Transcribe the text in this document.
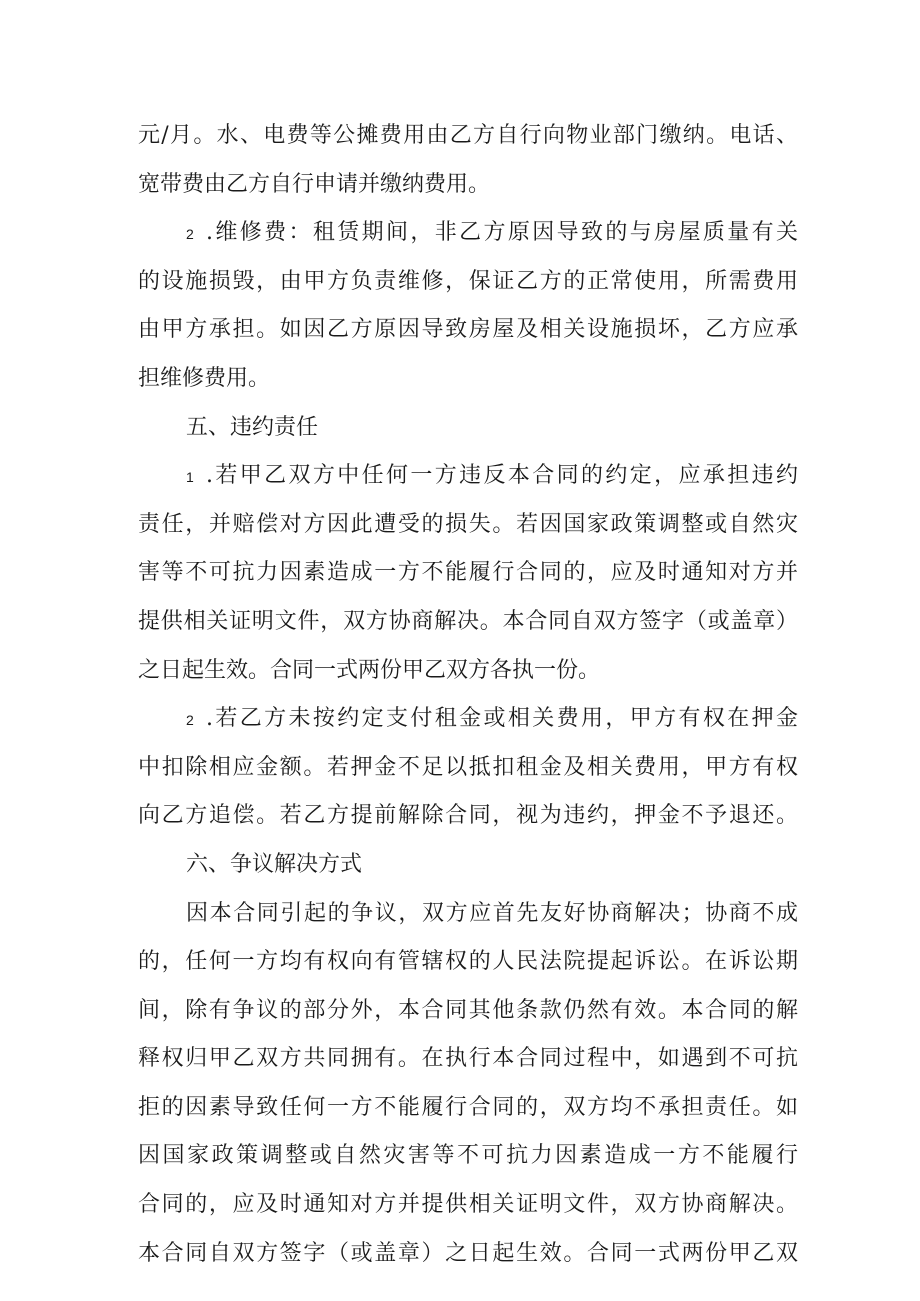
元/月。水、电费等公摊费用由乙方自行向物业部门缴纳。电话、
宽带费由乙方自行申请并缴纳费用。
2 .维修费：租赁期间，非乙方原因导致的与房屋质量有关
的设施损毁，由甲方负责维修，保证乙方的正常使用，所需费用
由甲方承担。如因乙方原因导致房屋及相关设施损坏，乙方应承
担维修费用。
五、违约责任
1 .若甲乙双方中任何一方违反本合同的约定，应承担违约
责任，并赔偿对方因此遭受的损失。若因国家政策调整或自然灾
害等不可抗力因素造成一方不能履行合同的，应及时通知对方并
提供相关证明文件，双方协商解决。本合同自双方签字（或盖章）
之日起生效。合同一式两份甲乙双方各执一份。
2 .若乙方未按约定支付租金或相关费用，甲方有权在押金
中扣除相应金额。若押金不足以抵扣租金及相关费用，甲方有权
向乙方追偿。若乙方提前解除合同，视为违约，押金不予退还。
六、争议解决方式
因本合同引起的争议，双方应首先友好协商解决；协商不成
的，任何一方均有权向有管辖权的人民法院提起诉讼。在诉讼期
间，除有争议的部分外，本合同其他条款仍然有效。本合同的解
释权归甲乙双方共同拥有。在执行本合同过程中，如遇到不可抗
拒的因素导致任何一方不能履行合同的，双方均不承担责任。如
因国家政策调整或自然灾害等不可抗力因素造成一方不能履行
合同的，应及时通知对方并提供相关证明文件，双方协商解决。
本合同自双方签字（或盖章）之日起生效。合同一式两份甲乙双
